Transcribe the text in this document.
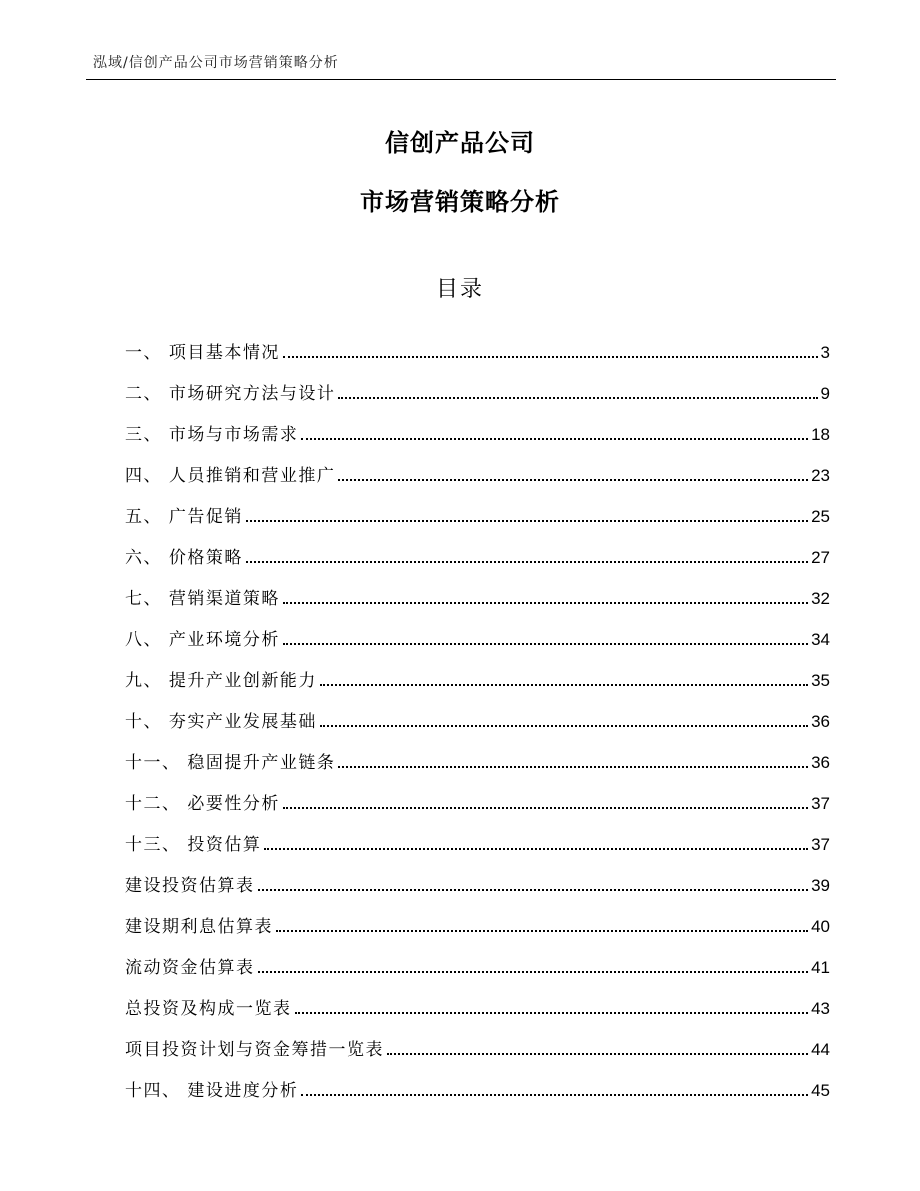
泓域/信创产品公司市场营销策略分析
信创产品公司
市场营销策略分析
目录
一、 项目基本情况	3
二、 市场研究方法与设计	9
三、 市场与市场需求	18
四、 人员推销和营业推广	23
五、 广告促销	25
六、 价格策略	27
七、 营销渠道策略	32
八、 产业环境分析	34
九、 提升产业创新能力	35
十、 夯实产业发展基础	36
十一、 稳固提升产业链条	36
十二、 必要性分析	37
十三、 投资估算	37
建设投资估算表	39
建设期利息估算表	40
流动资金估算表	41
总投资及构成一览表	43
项目投资计划与资金筹措一览表	44
十四、 建设进度分析	45
